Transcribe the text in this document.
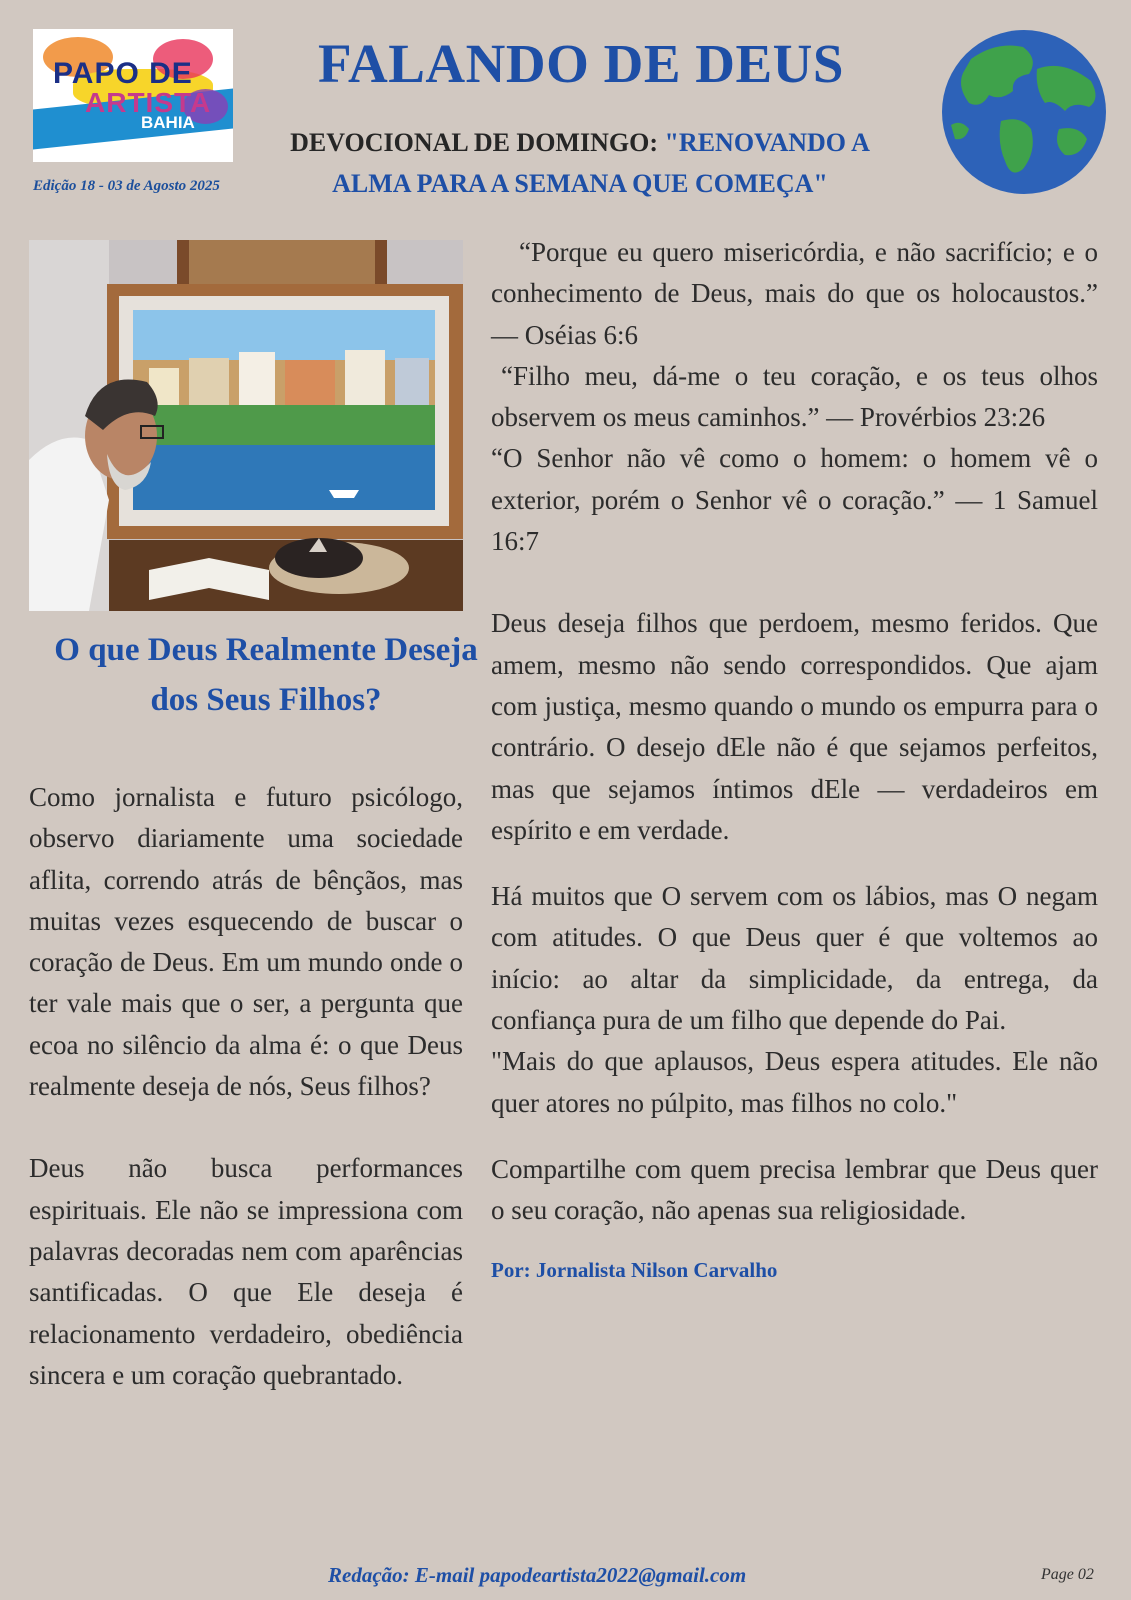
PAPO DE
ARTISTA
BAHIA
Edição 18 - 03 de Agosto 2025
FALANDO DE DEUS
DEVOCIONAL DE DOMINGO: "RENOVANDO A ALMA PARA A SEMANA QUE COMEÇA"
O que Deus Realmente Deseja dos Seus Filhos?

Como jornalista e futuro psicólogo, observo diariamente uma sociedade aflita, correndo atrás de bênçãos, mas muitas vezes esquecendo de buscar o coração de Deus. Em um mundo onde o ter vale mais que o ser, a pergunta que ecoa no silêncio da alma é: o que Deus realmente deseja de nós, Seus filhos?

Deus não busca performances espirituais. Ele não se impressiona com palavras decoradas nem com aparências santificadas. O que Ele deseja é relacionamento verdadeiro, obediência sincera e um coração quebrantado.

“Porque eu quero misericórdia, e não sacrifício; e o conhecimento de Deus, mais do que os holocaustos.” — Oséias 6:6

“Filho meu, dá-me o teu coração, e os teus olhos observem os meus caminhos.” — Provérbios 23:26

“O Senhor não vê como o homem: o homem vê o exterior, porém o Senhor vê o coração.” — 1 Samuel 16:7

Deus deseja filhos que perdoem, mesmo feridos. Que amem, mesmo não sendo correspondidos. Que ajam com justiça, mesmo quando o mundo os empurra para o contrário. O desejo dEle não é que sejamos perfeitos, mas que sejamos íntimos dEle — verdadeiros em espírito e em verdade.

Há muitos que O servem com os lábios, mas O negam com atitudes. O que Deus quer é que voltemos ao início: ao altar da simplicidade, da entrega, da confiança pura de um filho que depende do Pai.

"Mais do que aplausos, Deus espera atitudes. Ele não quer atores no púlpito, mas filhos no colo."

Compartilhe com quem precisa lembrar que Deus quer o seu coração, não apenas sua religiosidade.

Por: Jornalista Nilson Carvalho
Redação: E-mail papodeartista2022@gmail.com	Page 02
